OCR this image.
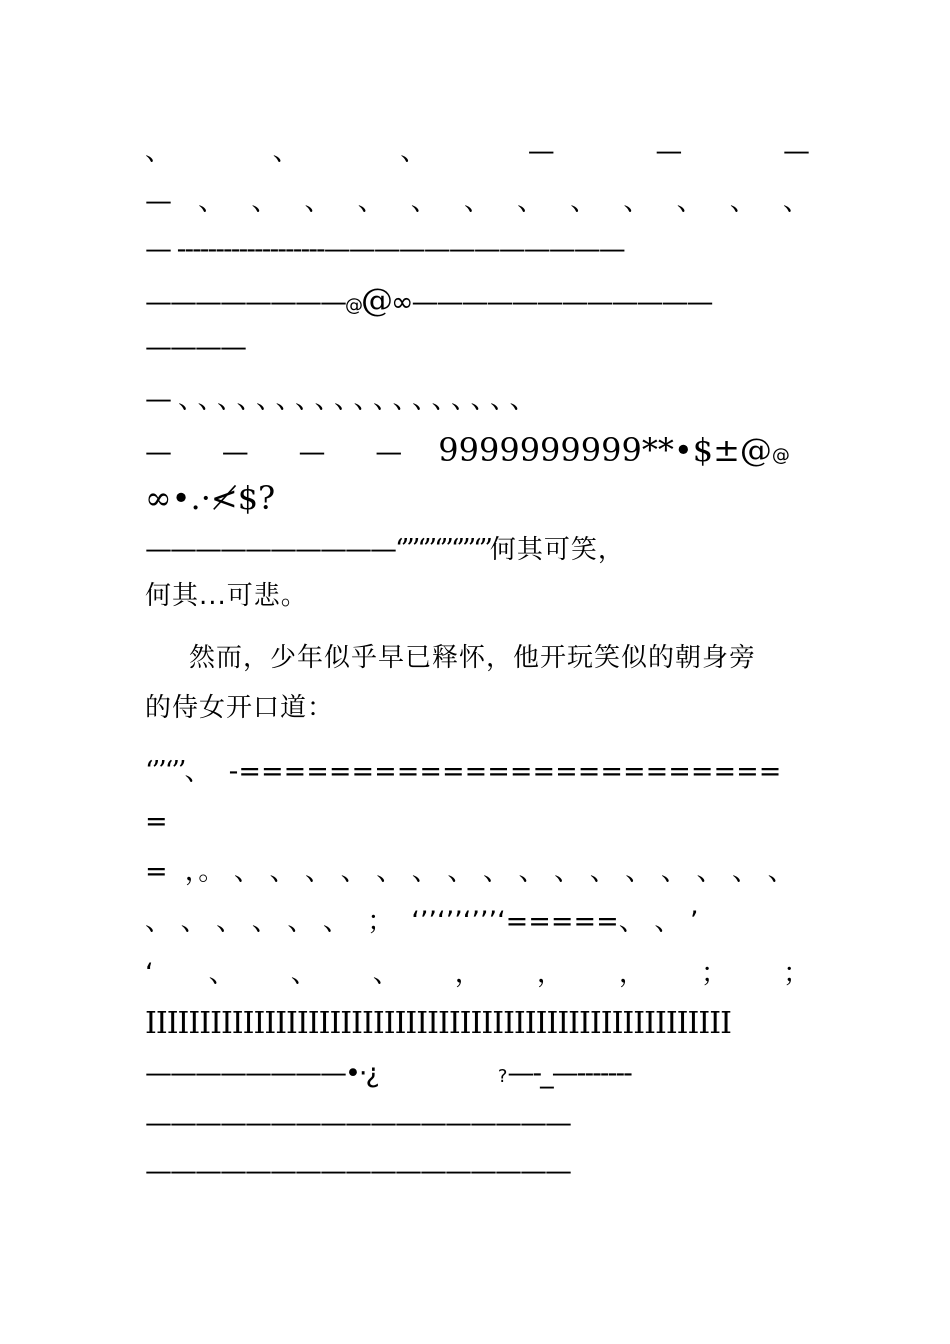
、	、	、	—	—	—
— 、 、 、 、 、 、 、 、 、 、 、 、
— -------------------————————————
————————@@∞————————————
————
—、、、、、、、、、、、、、、、、、、
—   —   —   — 9999999999**•$±@@
∞•.·≮$?
——————————‘’’’‘’’‘’’‘’’’‘’’何其可笑，
何其...可悲。
然而，少年似乎早已释怀，他开玩笑似的朝身旁
的侍女开口道：
‘’’‘’’、  -========================
=
=  ，。 、 、 、 、 、 、 、 、 、 、 、 、 、 、 、 、
、 、 、 、 、 、  ；  ‘’’‘’’‘’’’‘=====、 、 ’
‘ 、 、 、 ， ， ， ； ；
IIIIIIIIIIIIIIIIIIIIIIIIIIIIIIIIIIIIIIIIIIIIIIIIIIIIII
————————•·¿	?—-_—-------
—————————————————
—————————————————
